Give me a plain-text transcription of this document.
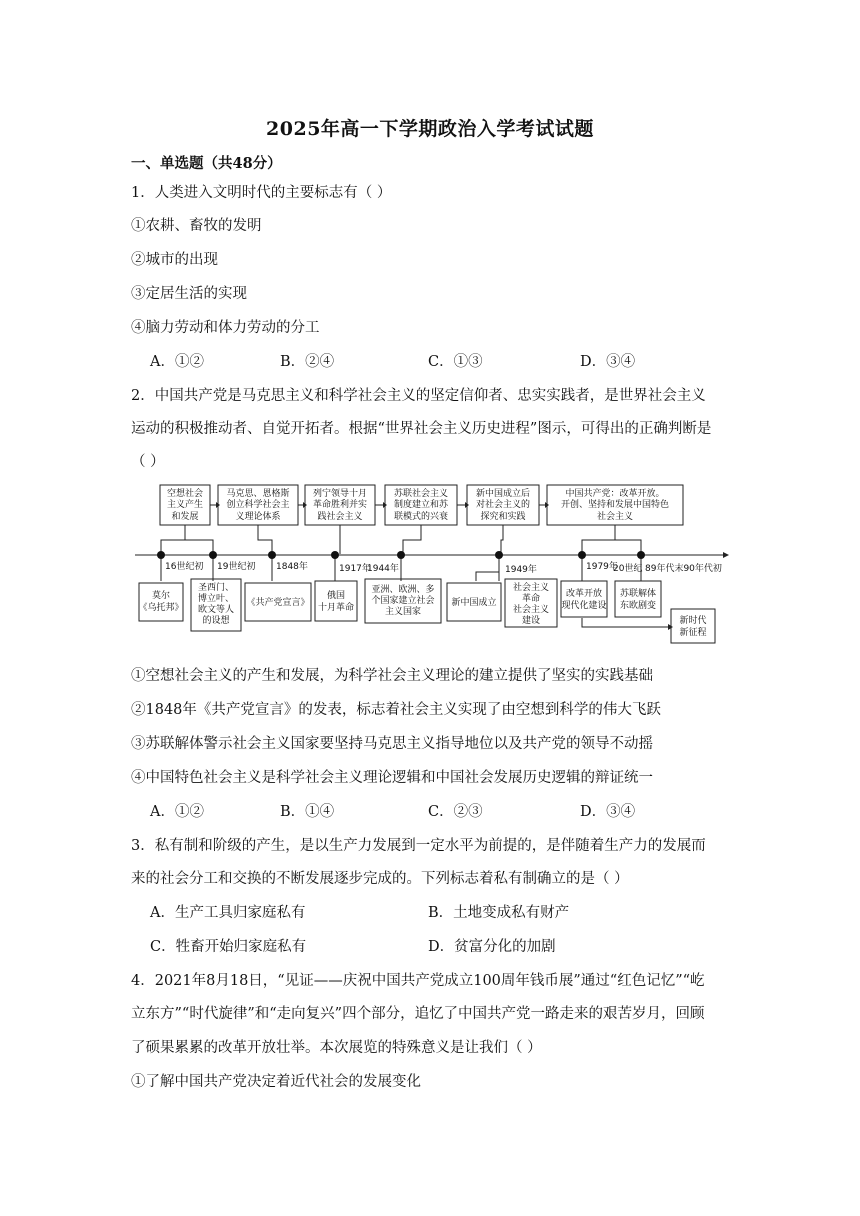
2025年高一下学期政治入学考试试题
一、单选题（共48分）
1．人类进入文明时代的主要标志有（ ）
①农耕、畜牧的发明
②城市的出现
③定居生活的实现
④脑力劳动和体力劳动的分工
A．①②	B．②④	C．①③	D．③④
2．中国共产党是马克思主义和科学社会主义的坚定信仰者、忠实实践者，是世界社会主义
运动的积极推动者、自觉开拓者。根据“世界社会主义历史进程”图示，可得出的正确判断是
（ ）
空想社会
主义产生
和发展
马克思、恩格斯
创立科学社会主
义理论体系
列宁领导十月
革命胜利并实
践社会主义
苏联社会主义
制度建立和苏
联模式的兴衰
新中国成立后
对社会主义的
探究和实践
中国共产党：改革开放。
开创、坚持和发展中国特色
社会主义
16世纪初 19世纪初 1848年	1917年
1944年	1949年	1979年
20世纪 89年代末90年代初
莫尔
《乌托邦》
圣西门、
博立叶、
欧文等人
的设想
《共产党宣言》
俄国
十月革命
亚洲、欧洲、多
个国家建立社会
主义国家
新中国成立
社会主义
革命
社会主义
建设
改革开放
现代化建设
苏联解体
东欧剧变
新时代
新征程
①空想社会主义的产生和发展，为科学社会主义理论的建立提供了坚实的实践基础
②1848年《共产党宣言》的发表，标志着社会主义实现了由空想到科学的伟大飞跃
③苏联解体警示社会主义国家要坚持马克思主义指导地位以及共产党的领导不动摇
④中国特色社会主义是科学社会主义理论逻辑和中国社会发展历史逻辑的辩证统一
A．①②	B．①④	C．②③	D．③④
3．私有制和阶级的产生，是以生产力发展到一定水平为前提的，是伴随着生产力的发展而
来的社会分工和交换的不断发展逐步完成的。下列标志着私有制确立的是（ ）
A．生产工具归家庭私有	B．土地变成私有财产
C．牲畜开始归家庭私有	D．贫富分化的加剧
4．2021年8月18日，“见证——庆祝中国共产党成立100周年钱币展”通过“红色记忆”“屹
立东方”“时代旋律”和“走向复兴”四个部分，追忆了中国共产党一路走来的艰苦岁月，回顾
了硕果累累的改革开放壮举。本次展览的特殊意义是让我们（ ）
①了解中国共产党决定着近代社会的发展变化
